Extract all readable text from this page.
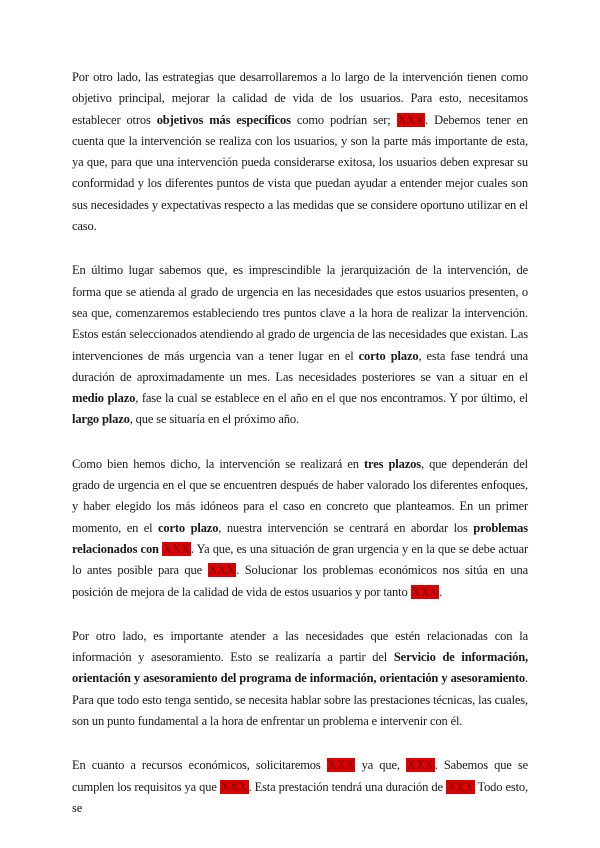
Por otro lado, las estrategias que desarrollaremos a lo largo de la intervención tienen como objetivo principal, mejorar la calidad de vida de los usuarios. Para esto, necesitamos establecer otros objetivos más específicos como podrían ser; XXX. Debemos tener en cuenta que la intervención se realiza con los usuarios, y son la parte más importante de esta, ya que, para que una intervención pueda considerarse exitosa, los usuarios deben expresar su conformidad y los diferentes puntos de vista que puedan ayudar a entender mejor cuales son sus necesidades y expectativas respecto a las medidas que se considere oportuno utilizar en el caso.

En último lugar sabemos que, es imprescindible la jerarquización de la intervención, de forma que se atienda al grado de urgencia en las necesidades que estos usuarios presenten, o sea que, comenzaremos estableciendo tres puntos clave a la hora de realizar la intervención. Estos están seleccionados atendiendo al grado de urgencia de las necesidades que existan. Las intervenciones de más urgencia van a tener lugar en el corto plazo, esta fase tendrá una duración de aproximadamente un mes. Las necesidades posteriores se van a situar en el medio plazo, fase la cual se establece en el año en el que nos encontramos. Y por último, el largo plazo, que se situaría en el próximo año.

Como bien hemos dicho, la intervención se realizará en tres plazos, que dependerán del grado de urgencia en el que se encuentren después de haber valorado los diferentes enfoques, y haber elegido los más idóneos para el caso en concreto que planteamos. En un primer momento, en el corto plazo, nuestra intervención se centrará en abordar los problemas relacionados con XXX. Ya que, es una situación de gran urgencia y en la que se debe actuar lo antes posible para que XXX. Solucionar los problemas económicos nos sitúa en una posición de mejora de la calidad de vida de estos usuarios y por tanto XXX.

Por otro lado, es importante atender a las necesidades que estén relacionadas con la información y asesoramiento. Esto se realizaría a partir del Servicio de información, orientación y asesoramiento del programa de información, orientación y asesoramiento. Para que todo esto tenga sentido, se necesita hablar sobre las prestaciones técnicas, las cuales, son un punto fundamental a la hora de enfrentar un problema e intervenir con él.

En cuanto a recursos económicos, solicitaremos XXX ya que, XXX. Sabemos que se cumplen los requisitos ya que XXX. Esta prestación tendrá una duración de XXX Todo esto, se
